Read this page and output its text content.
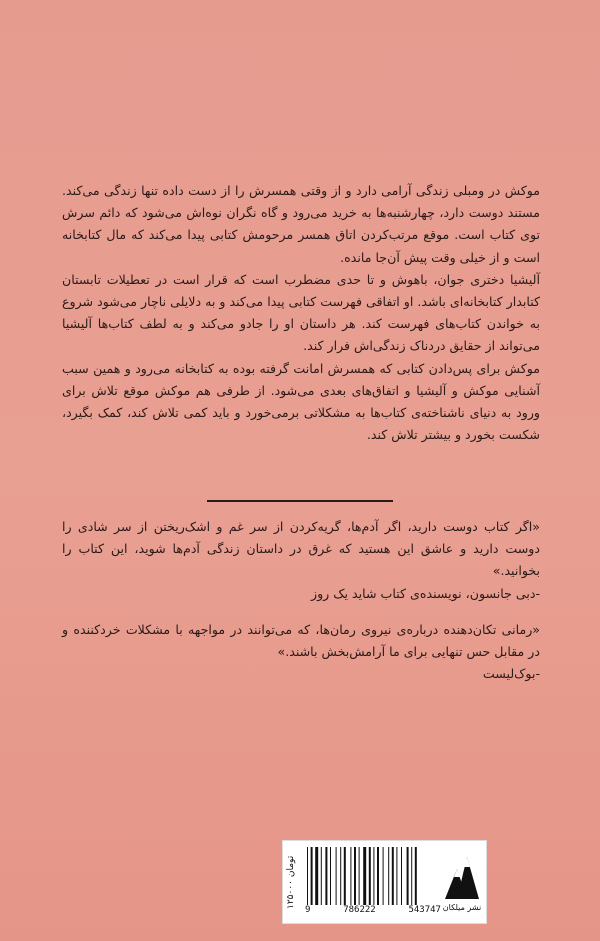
موکش در ومبلی زندگی آرامی دارد و از وقتی همسرش را از دست داده تنها زندگی می‌کند. مستند دوست دارد، چهارشنبه‌ها به خرید می‌رود و گاه نگران نوه‌اش می‌شود که دائم سرش توی کتاب است. موقع مرتب‌کردن اتاق همسر مرحومش کتابی پیدا می‌کند که مال کتابخانه است و از خیلی وقت پیش آن‌جا مانده.

آلیشیا دختری جوان، باهوش و تا حدی مضطرب است که قرار است در تعطیلات تابستان کتابدار کتابخانه‌ای باشد. او اتفاقی فهرست کتابی پیدا می‌کند و به دلایلی ناچار می‌شود شروع به خواندن کتاب‌های فهرست کند. هر داستان او را جادو می‌کند و به لطف کتاب‌ها آلیشیا می‌تواند از حقایق دردناک زندگی‌اش فرار کند.

موکش برای پس‌دادن کتابی که همسرش امانت گرفته بوده به کتابخانه می‌رود و همین سبب آشنایی موکش و آلیشیا و اتفاق‌های بعدی می‌شود. از طرفی هم موکش موقع تلاش برای ورود به دنیای ناشناخته‌ی کتاب‌ها به مشکلاتی برمی‌خورد و باید کمی تلاش کند، کمک بگیرد، شکست بخورد و بیشتر تلاش کند.

«اگر کتاب دوست دارید، اگر آدم‌ها، گریه‌کردن از سر غم و اشک‌ریختن از سر شادی را دوست دارید و عاشق این هستید که غرق در داستان زندگی آدم‌ها شوید، این کتاب را بخوانید.»
-دبی جانسون، نویسنده‌ی کتاب شاید یک روز
«رمانی تکان‌دهنده درباره‌ی نیروی رمان‌ها، که می‌توانند در مواجهه با مشکلات خردکننده و در مقابل حس تنهایی برای ما آرامش‌بخش باشند.»
-بوک‌لیست
۱۲۵۰۰۰ تومان
9	786222	543747 نشر میلکان
